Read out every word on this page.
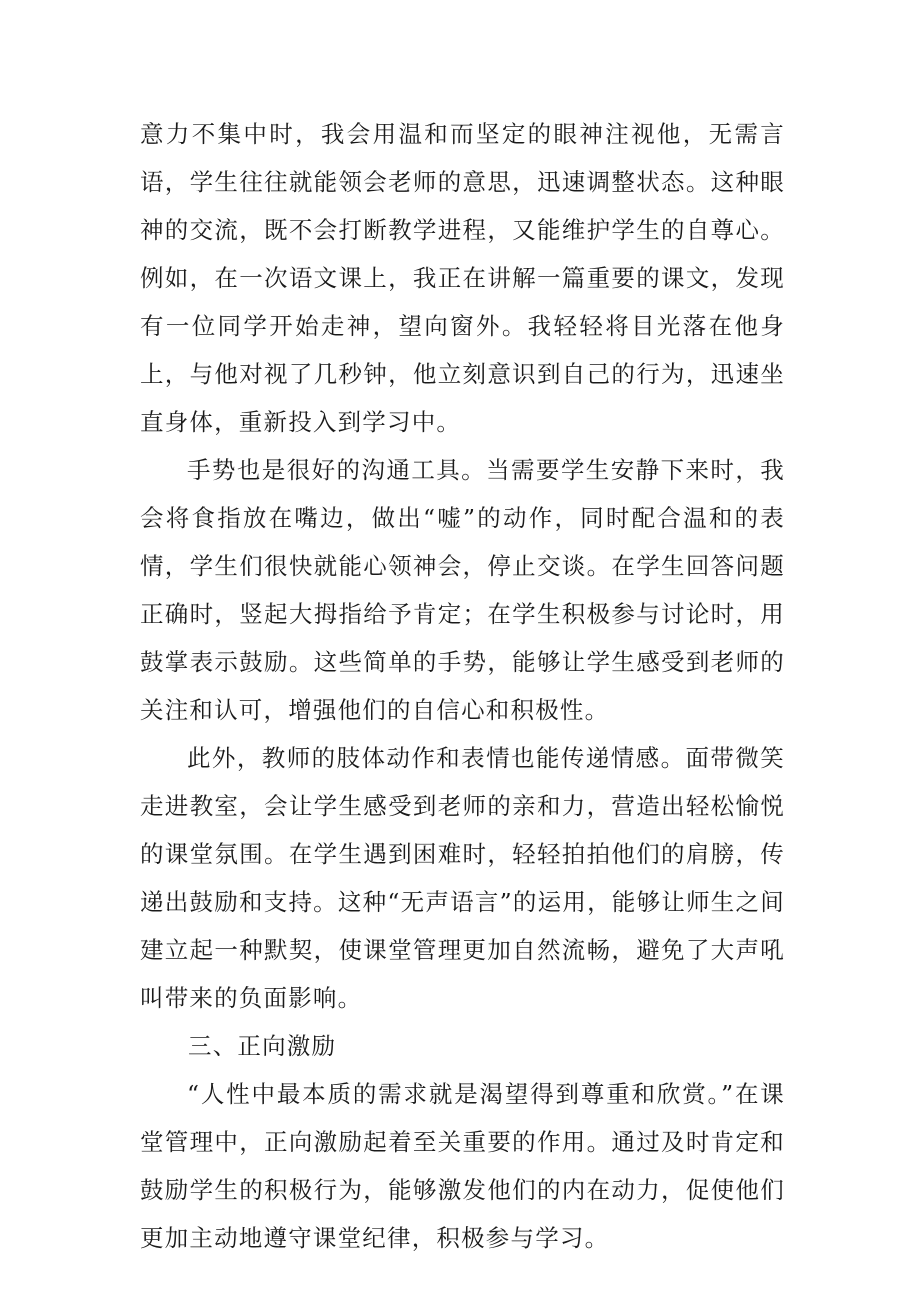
意力不集中时，我会用温和而坚定的眼神注视他，无需言语，学生往往就能领会老师的意思，迅速调整状态。这种眼神的交流，既不会打断教学进程，又能维护学生的自尊心。例如，在一次语文课上，我正在讲解一篇重要的课文，发现有一位同学开始走神，望向窗外。我轻轻将目光落在他身上，与他对视了几秒钟，他立刻意识到自己的行为，迅速坐直身体，重新投入到学习中。

手势也是很好的沟通工具。当需要学生安静下来时，我会将食指放在嘴边，做出“嘘”的动作，同时配合温和的表情，学生们很快就能心领神会，停止交谈。在学生回答问题正确时，竖起大拇指给予肯定；在学生积极参与讨论时，用鼓掌表示鼓励。这些简单的手势，能够让学生感受到老师的关注和认可，增强他们的自信心和积极性。

此外，教师的肢体动作和表情也能传递情感。面带微笑走进教室，会让学生感受到老师的亲和力，营造出轻松愉悦的课堂氛围。在学生遇到困难时，轻轻拍拍他们的肩膀，传递出鼓励和支持。这种“无声语言”的运用，能够让师生之间建立起一种默契，使课堂管理更加自然流畅，避免了大声吼叫带来的负面影响。

三、正向激励

“人性中最本质的需求就是渴望得到尊重和欣赏。”在课堂管理中，正向激励起着至关重要的作用。通过及时肯定和鼓励学生的积极行为，能够激发他们的内在动力，促使他们更加主动地遵守课堂纪律，积极参与学习。
